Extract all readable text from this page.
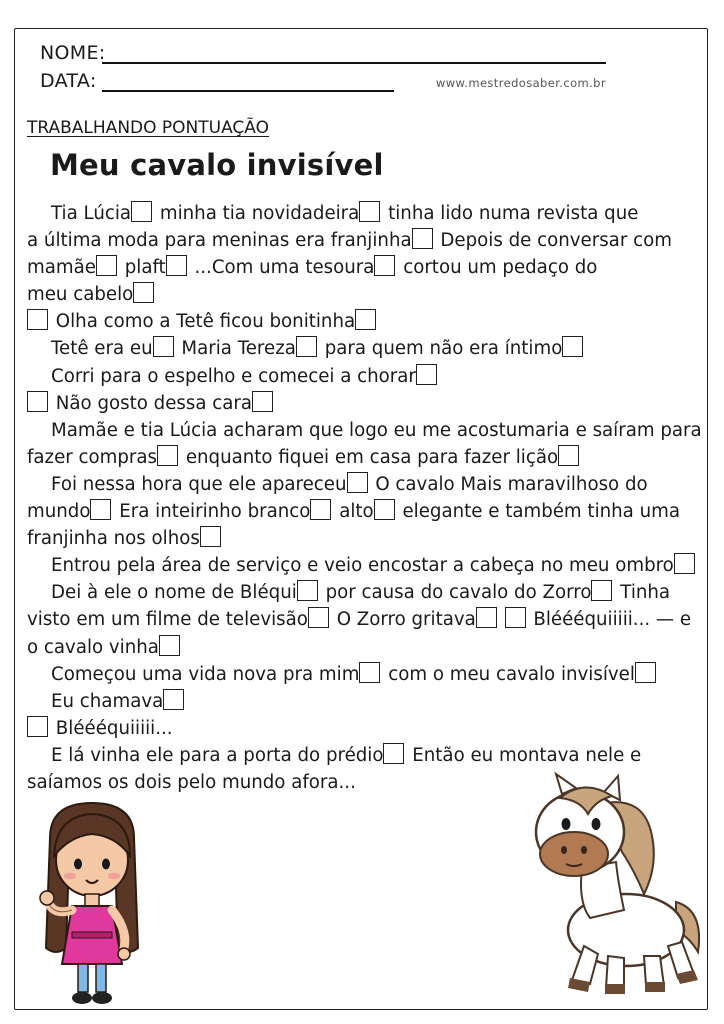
NOME:
DATA:	www.mestredosaber.com.br
TRABALHANDO PONTUAÇÃO
Meu cavalo invisível
Tia Lúcia minha tia novidadeira tinha lido numa revista que
a última moda para meninas era franjinha Depois de conversar com
mamãe plaft ...Com uma tesoura cortou um pedaço do
meu cabelo
Olha como a Tetê ficou bonitinha
Tetê era eu Maria Tereza para quem não era íntimo
Corri para o espelho e comecei a chorar
Não gosto dessa cara
Mamãe e tia Lúcia acharam que logo eu me acostumaria e saíram para
fazer compras enquanto fiquei em casa para fazer lição
Foi nessa hora que ele apareceu O cavalo Mais maravilhoso do
mundo Era inteirinho branco alto elegante e também tinha uma
franjinha nos olhos
Entrou pela área de serviço e veio encostar a cabeça no meu ombro
Dei à ele o nome de Bléqui por causa do cavalo do Zorro Tinha
visto em um filme de televisão O Zorro gritava	Bléééquiiiii... — e
o cavalo vinha
Começou uma vida nova pra mim com o meu cavalo invisível
Eu chamava
Bléééquiiiii...
E lá vinha ele para a porta do prédio Então eu montava nele e
saíamos os dois pelo mundo afora...
